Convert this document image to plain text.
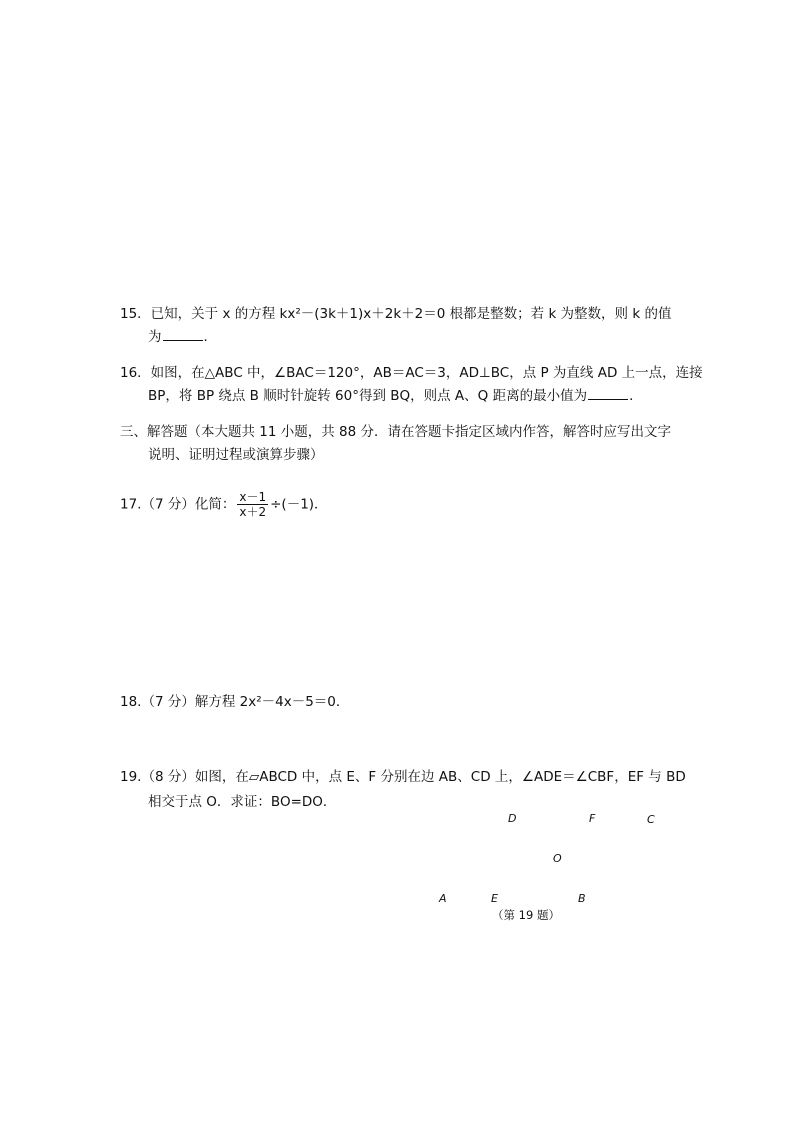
15．已知，关于 x 的方程 kx²－(3k＋1)x＋2k＋2＝0 根都是整数；若 k 为整数，则 k 的值
为	．
16．如图，在△ABC 中，∠BAC＝120°，AB＝AC＝3，AD⊥BC，点 P 为直线 AD 上一点，连接
BP，将 BP 绕点 B 顺时针旋转 60°得到 BQ，则点 A、Q 距离的最小值为	．
三、解答题（本大题共 11 小题，共 88 分．请在答题卡指定区域内作答，解答时应写出文字
说明、证明过程或演算步骤）
17.（7 分）化简： $\frac{x-1}{x+2} \div(-1)$．
18.（7 分）解方程 2x²－4x－5＝0．
19.（8 分）如图，在▱ABCD 中，点 E、F 分别在边 AB、CD 上，∠ADE＝∠CBF，EF 与 BD
相交于点 O．求证：BO=DO．
D	F	C
O
A	E	B
（第 19 题）
